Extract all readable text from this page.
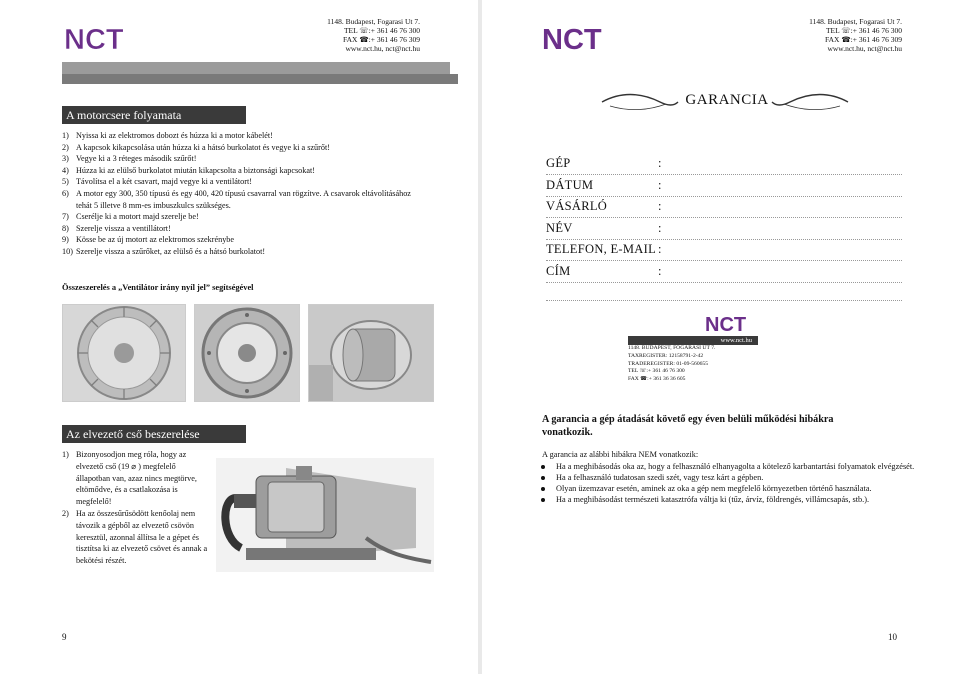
NCT
1148. Budapest, Fogarasi Ut 7.
TEL ☏:+ 361 46 76 300
FAX ☎:+ 361 46 76 309
www.nct.hu, nct@nct.hu
A motorcsere folyamata
1) Nyissa ki az elektromos dobozt és húzza ki a motor kábelét!
2) A kapcsok kikapcsolása után húzza ki a hátsó burkolatot és vegye ki a szűrőt!
3) Vegye ki a 3 réteges második szűrőt!
4) Húzza ki az elülső burkolatot miután kikapcsolta a biztonsági kapcsokat!
5) Távolítsa el a két csavart, majd vegye ki a ventilátort!
6) A motor egy 300, 350 típusú és egy 400, 420 típusú csavarral van rögzítve. A csavarok eltávolításához tehát 5 illetve 8 mm-es imbuszkulcs szükséges.
7) Cserélje ki a motort majd szerelje be!
8) Szerelje vissza a ventillátort!
9) Kösse be az új motort az elektromos szekrénybe
10) Szerelje vissza a szűrőket, az elülső és a hátsó burkolatot!
Összeszerelés a „Ventilátor irány nyíl jel” segítségével
Az elvezető cső beszerelése
1) Bizonyosodjon meg róla, hogy az elvezető cső (19 ⌀ ) megfelelő állapotban van, azaz nincs megtörve, eltömődve, és a csatlakozása is megfelelő!
2) Ha az összesűrűsödött kenőolaj nem távozik a gépből az elvezető csövön keresztül, azonnal állítsa le a gépet és tisztítsa ki az elvezető csövet és annak a bekötési részét.
9
NCT
1148. Budapest, Fogarasi Ut 7.
TEL ☏:+ 361 46 76 300
FAX ☎:+ 361 46 76 309
www.nct.hu, nct@nct.hu
GARANCIA
GÉP	:
DÁTUM	:
VÁSÁRLÓ	:
NÉV	:
TELEFON, E-MAIL :
CÍM	:
NCT
www.nct.hu
1148. BUDAPEST, FOGARASI ÚT 7.
TAXREGISTER: 12158791-2-42
TRADEREGISTER: 01-09-560655
TEL ☏:+ 361 46 76 300
FAX ☎:+ 361 36 36 605
A garancia a gép átadását követő egy éven belüli működési hibákra vonatkozik.
A garancia az alábbi hibákra NEM vonatkozik:
Ha a meghibásodás oka az, hogy a felhasználó elhanyagolta a kötelező karbantartási folyamatok elvégzését.
Ha a felhasználó tudatosan szedi szét, vagy tesz kárt a gépben.
Olyan üzemzavar esetén, aminek az oka a gép nem megfelelő környezetben történő használata.
Ha a meghibásodást természeti katasztrófa váltja ki (tűz, árvíz, földrengés, villámcsapás, stb.).
10
